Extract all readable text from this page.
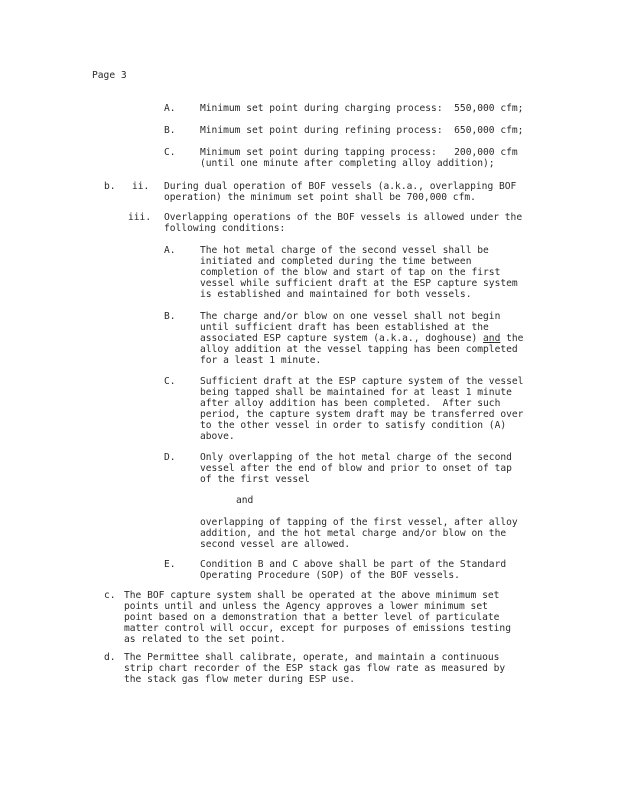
Page 3
A.	Minimum set point during charging process:  550,000 cfm;
B.	Minimum set point during refining process:  650,000 cfm;
C.	Minimum set point during tapping process:   200,000 cfm
(until one minute after completing alloy addition);
b. ii. During dual operation of BOF vessels (a.k.a., overlapping BOF
operation) the minimum set point shall be 700,000 cfm.
iii. Overlapping operations of the BOF vessels is allowed under the
following conditions:
A.	The hot metal charge of the second vessel shall be
initiated and completed during the time between
completion of the blow and start of tap on the first
vessel while sufficient draft at the ESP capture system
is established and maintained for both vessels.
B.	The charge and/or blow on one vessel shall not begin
until sufficient draft has been established at the
associated ESP capture system (a.k.a., doghouse) and the
alloy addition at the vessel tapping has been completed
for a least 1 minute.
C.	Sufficient draft at the ESP capture system of the vessel
being tapped shall be maintained for at least 1 minute
after alloy addition has been completed.  After such
period, the capture system draft may be transferred over
to the other vessel in order to satisfy condition (A)
above.
D.	Only overlapping of the hot metal charge of the second
vessel after the end of blow and prior to onset of tap
of the first vessel
and
overlapping of tapping of the first vessel, after alloy
addition, and the hot metal charge and/or blow on the
second vessel are allowed.
E.	Condition B and C above shall be part of the Standard
Operating Procedure (SOP) of the BOF vessels.
c. The BOF capture system shall be operated at the above minimum set
points until and unless the Agency approves a lower minimum set
point based on a demonstration that a better level of particulate
matter control will occur, except for purposes of emissions testing
as related to the set point.
d. The Permittee shall calibrate, operate, and maintain a continuous
strip chart recorder of the ESP stack gas flow rate as measured by
the stack gas flow meter during ESP use.
